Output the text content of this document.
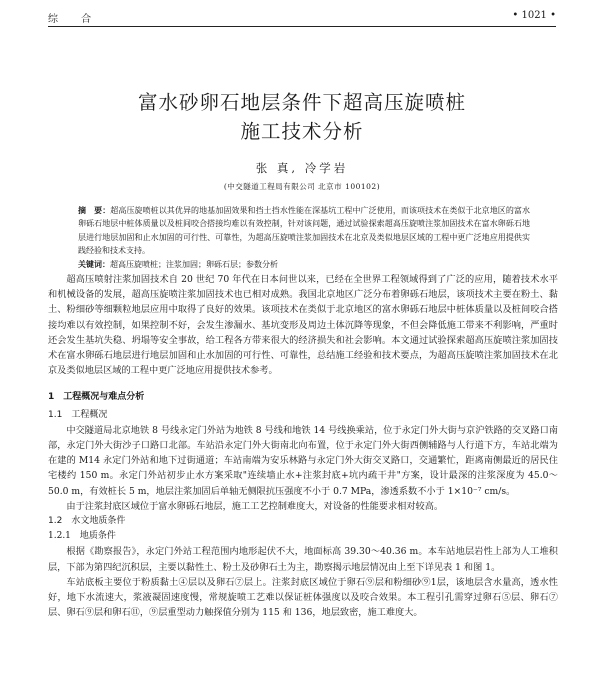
综 合	• 1021 •
富水砂卵石地层条件下超高压旋喷桩
施工技术分析
张 真, 冷学岩
(中交隧道工程局有限公司 北京市 100102)
摘　要：超高压旋喷桩以其优异的地基加固效果和挡土挡水性能在深基坑工程中广泛使用，而该项技术在类似于北京地区的富水卵砾石地层中桩体质量以及桩间咬合搭接均难以有效控制，针对该问题，通过试验探索超高压旋喷注浆加固技术在富水卵砾石地层进行地层加固和止水加固的可行性、可靠性，为超高压旋喷注浆加固技术在北京及类似地层区域的工程中更广泛地应用提供实践经验和技术支持。
关键词：超高压旋喷桩；注浆加固；卵砾石层；参数分析

超高压喷射注浆加固技术自 20 世纪 70 年代在日本问世以来，已经在全世界工程领域得到了广泛的应用，随着技术水平和机械设备的发展，超高压旋喷注浆加固技术也已相对成熟。我国北京地区广泛分布着卵砾石地层，该项技术主要在粉土、黏土、粉细砂等细颗粒地层应用中取得了良好的效果。该项技术在类似于北京地区的富水卵砾石地层中桩体质量以及桩间咬合搭接均难以有效控制，如果控制不好，会发生渗漏水、基坑变形及周边土体沉降等现象，不但会降低施工带来不利影响，严重时还会发生基坑失稳、坍塌等安全事故，给工程各方带来很大的经济损失和社会影响。本文通过试验探索超高压旋喷注浆加固技术在富水卵砾石地层进行地层加固和止水加固的可行性、可靠性，总结施工经验和技术要点，为超高压旋喷注浆加固技术在北京及类似地层区域的工程中更广泛地应用提供技术参考。

1　工程概况与难点分析
1.1　工程概况

中交隧道局北京地铁 8 号线永定门外站为地铁 8 号线和地铁 14 号线换乘站，位于永定门外大街与京沪铁路的交叉路口南部，永定门外大街沙子口路口北部。车站沿永定门外大街南北向布置，位于永定门外大街西侧辅路与人行道下方，车站北端为在建的 M14 永定门外站和地下过街通道；车站南端为安乐林路与永定门外大街交叉路口，交通繁忙，距离南侧最近的居民住宅楼约 150 m。永定门外站初步止水方案采取"连续墙止水+注浆封底+坑内疏干井"方案，设计最深的注浆深度为 45.0～50.0 m，有效桩长 5 m，地层注浆加固后单轴无侧限抗压强度不小于 0.7 MPa，渗透系数不小于 1×10⁻⁷ cm/s。

由于注浆封底区域位于富水卵砾石地层，施工工艺控制难度大，对设备的性能要求相对较高。

1.2　水文地质条件
1.2.1　地质条件

根据《勘察报告》，永定门外站工程范围内地形起伏不大，地面标高 39.30～40.36 m。本车站地层岩性上部为人工堆积层，下部为第四纪沉积层，主要以黏性土、粉土及砂卵石土为主，勘察揭示地层情况由上至下详见表 1 和图 1。

车站底板主要位于粉质黏土④层以及卵石⑦层上。注浆封底区域位于卵石⑨层和粉细砂⑨1层，该地层含水量高，透水性好，地下水流速大，浆液凝固速度慢，常规旋喷工艺难以保证桩体强度以及咬合效果。本工程引孔需穿过卵石⑤层、卵石⑦层、卵石⑨层和卵石⑪，⑨层重型动力触探值分别为 115 和 136，地层致密，施工难度大。
